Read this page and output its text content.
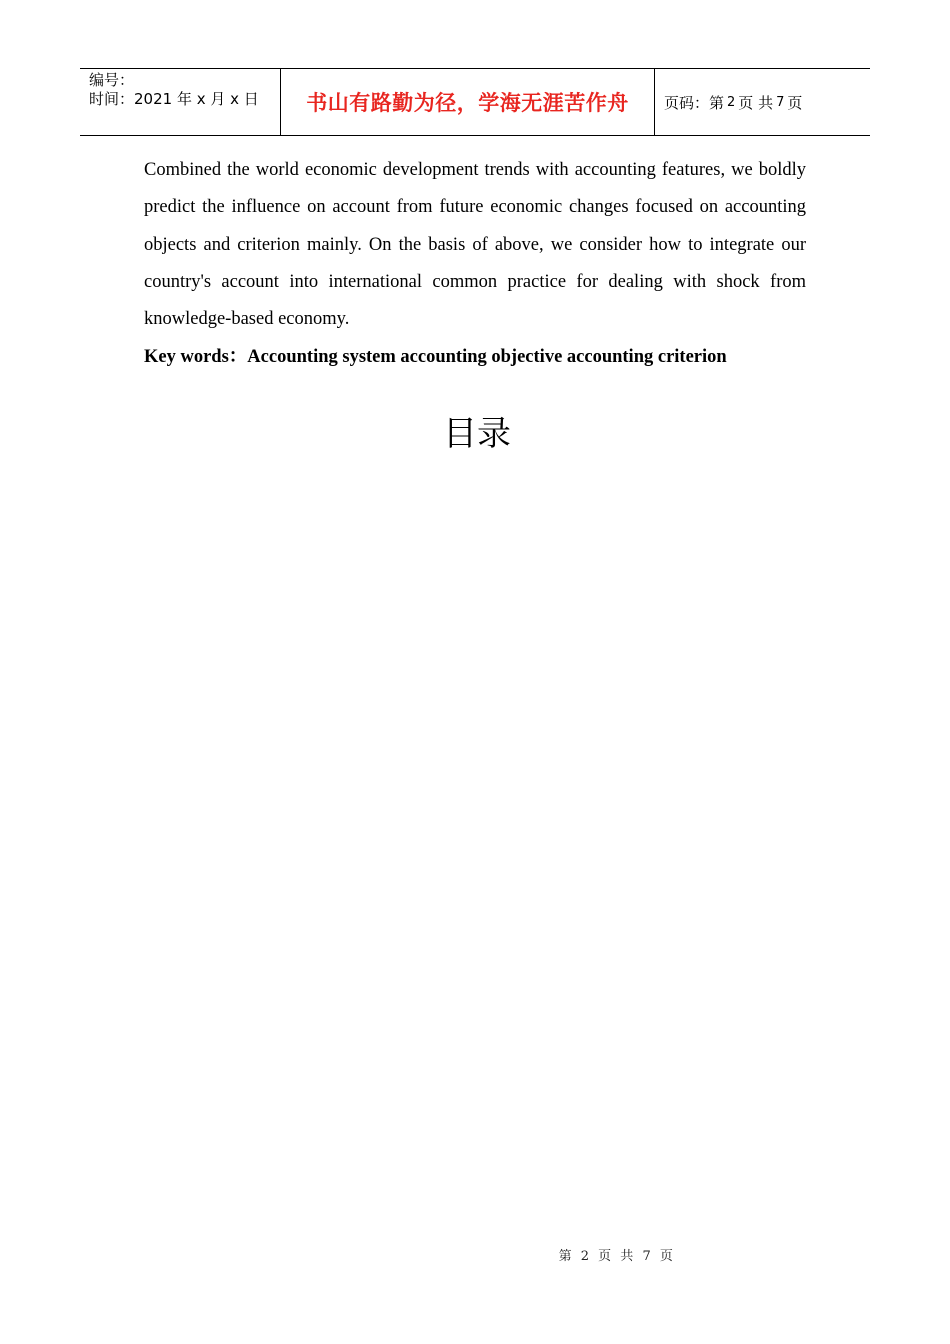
编号：
时间：2021 年 x 月 x 日	书山有路勤为径，学海无涯苦作舟 页码：第 2 页 共 7 页
Combined the world economic development trends with accounting features, we boldly predict the influence on account from future economic changes focused on accounting objects and criterion mainly. On the basis of above, we consider how to integrate our country's account into international common practice for dealing with shock from knowledge-based economy.
Key words：Accounting system accounting objective accounting criterion
目录
第 2 页 共 7 页
